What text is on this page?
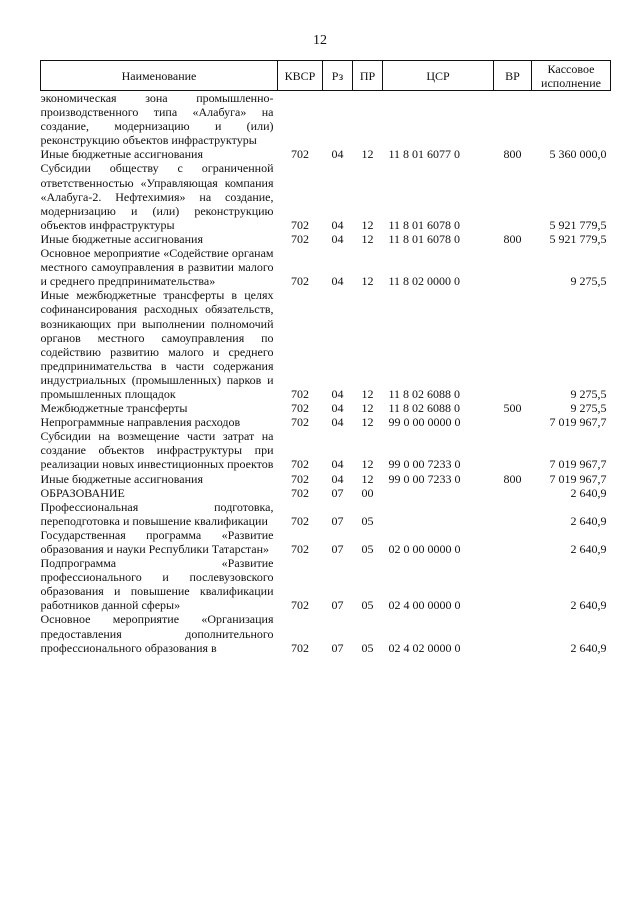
12
Наименование	КВСР	Рз	ПР	ЦСР	ВР	Кассовое исполнение
экономическая зона промышленно-производственного типа «Алабуга» на создание, модернизацию и (или) реконструкцию объектов инфраструктуры						
Иные бюджетные ассигнования	702	04	12	11 8 01 6077 0	800	5 360 000,0
Субсидии обществу с ограниченной ответственностью «Управляющая компания «Алабуга-2. Нефтехимия» на создание, модернизацию и (или) реконструкцию объектов инфраструктуры	702	04	12	11 8 01 6078 0		5 921 779,5
Иные бюджетные ассигнования	702	04	12	11 8 01 6078 0	800	5 921 779,5
Основное мероприятие «Содействие органам местного самоуправления в развитии малого и среднего предпринимательства»	702	04	12	11 8 02 0000 0		9 275,5
Иные межбюджетные трансферты в целях софинансирования расходных обязательств, возникающих при выполнении полномочий органов местного самоуправления по содействию развитию малого и среднего предпринимательства в части содержания индустриальных (промышленных) парков и промышленных площадок	702	04	12	11 8 02 6088 0		9 275,5
Межбюджетные трансферты	702	04	12	11 8 02 6088 0	500	9 275,5
Непрограммные направления расходов	702	04	12	99 0 00 0000 0		7 019 967,7
Субсидии на возмещение части затрат на создание объектов инфраструктуры при реализации новых инвестиционных проектов	702	04	12	99 0 00 7233 0		7 019 967,7
Иные бюджетные ассигнования	702	04	12	99 0 00 7233 0	800	7 019 967,7
ОБРАЗОВАНИЕ	702	07	00			2 640,9
Профессиональная подготовка, переподготовка и повышение квалификации	702	07	05			2 640,9
Государственная программа «Развитие образования и науки Республики Татарстан»	702	07	05	02 0 00 0000 0		2 640,9
Подпрограмма «Развитие профессионального и послевузовского образования и повышение квалификации работников данной сферы»	702	07	05	02 4 00 0000 0		2 640,9
Основное мероприятие «Организация предоставления дополнительного профессионального образования в	702	07	05	02 4 02 0000 0		2 640,9
